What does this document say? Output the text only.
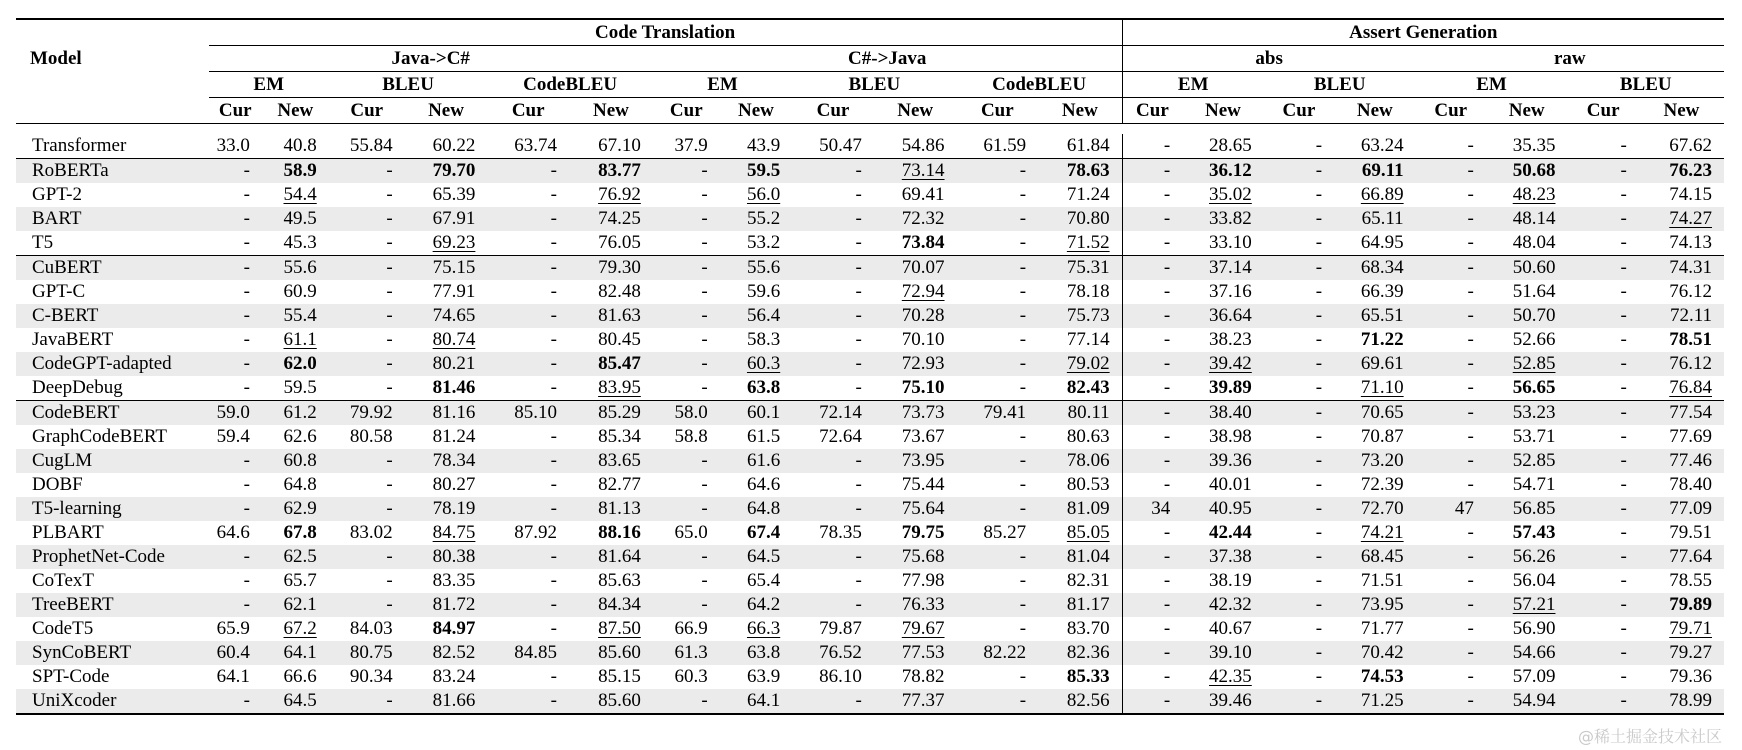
Model	Code Translation												Assert Generation							
	Java->C#						C#->Java						abs				raw			
	EM		BLEU		CodeBLEU		EM		BLEU		CodeBLEU		EM		BLEU		EM		BLEU	
	Cur	New	Cur	New	Cur	New	Cur	New	Cur	New	Cur	New	Cur	New	Cur	New	Cur	New	Cur	New

Transformer	33.0	40.8	55.84	60.22	63.74	67.10	37.9	43.9	50.47	54.86	61.59	61.84	-	28.65	-	63.24	-	35.35	-	67.62
RoBERTa	-	58.9	-	79.70	-	83.77	-	59.5	-	73.14	-	78.63	-	36.12	-	69.11	-	50.68	-	76.23
GPT-2	-	54.4	-	65.39	-	76.92	-	56.0	-	69.41	-	71.24	-	35.02	-	66.89	-	48.23	-	74.15
BART	-	49.5	-	67.91	-	74.25	-	55.2	-	72.32	-	70.80	-	33.82	-	65.11	-	48.14	-	74.27
T5	-	45.3	-	69.23	-	76.05	-	53.2	-	73.84	-	71.52	-	33.10	-	64.95	-	48.04	-	74.13
CuBERT	-	55.6	-	75.15	-	79.30	-	55.6	-	70.07	-	75.31	-	37.14	-	68.34	-	50.60	-	74.31
GPT-C	-	60.9	-	77.91	-	82.48	-	59.6	-	72.94	-	78.18	-	37.16	-	66.39	-	51.64	-	76.12
C-BERT	-	55.4	-	74.65	-	81.63	-	56.4	-	70.28	-	75.73	-	36.64	-	65.51	-	50.70	-	72.11
JavaBERT	-	61.1	-	80.74	-	80.45	-	58.3	-	70.10	-	77.14	-	38.23	-	71.22	-	52.66	-	78.51
CodeGPT-adapted	-	62.0	-	80.21	-	85.47	-	60.3	-	72.93	-	79.02	-	39.42	-	69.61	-	52.85	-	76.12
DeepDebug	-	59.5	-	81.46	-	83.95	-	63.8	-	75.10	-	82.43	-	39.89	-	71.10	-	56.65	-	76.84
CodeBERT	59.0	61.2	79.92	81.16	85.10	85.29	58.0	60.1	72.14	73.73	79.41	80.11	-	38.40	-	70.65	-	53.23	-	77.54
GraphCodeBERT	59.4	62.6	80.58	81.24	-	85.34	58.8	61.5	72.64	73.67	-	80.63	-	38.98	-	70.87	-	53.71	-	77.69
CugLM	-	60.8	-	78.34	-	83.65	-	61.6	-	73.95	-	78.06	-	39.36	-	73.20	-	52.85	-	77.46
DOBF	-	64.8	-	80.27	-	82.77	-	64.6	-	75.44	-	80.53	-	40.01	-	72.39	-	54.71	-	78.40
T5-learning	-	62.9	-	78.19	-	81.13	-	64.8	-	75.64	-	81.09	34	40.95	-	72.70	47	56.85	-	77.09
PLBART	64.6	67.8	83.02	84.75	87.92	88.16	65.0	67.4	78.35	79.75	85.27	85.05	-	42.44	-	74.21	-	57.43	-	79.51
ProphetNet-Code	-	62.5	-	80.38	-	81.64	-	64.5	-	75.68	-	81.04	-	37.38	-	68.45	-	56.26	-	77.64
CoTexT	-	65.7	-	83.35	-	85.63	-	65.4	-	77.98	-	82.31	-	38.19	-	71.51	-	56.04	-	78.55
TreeBERT	-	62.1	-	81.72	-	84.34	-	64.2	-	76.33	-	81.17	-	42.32	-	73.95	-	57.21	-	79.89
CodeT5	65.9	67.2	84.03	84.97	-	87.50	66.9	66.3	79.87	79.67	-	83.70	-	40.67	-	71.77	-	56.90	-	79.71
SynCoBERT	60.4	64.1	80.75	82.52	84.85	85.60	61.3	63.8	76.52	77.53	82.22	82.36	-	39.10	-	70.42	-	54.66	-	79.27
SPT-Code	64.1	66.6	90.34	83.24	-	85.15	60.3	63.9	86.10	78.82	-	85.33	-	42.35	-	74.53	-	57.09	-	79.36
UniXcoder	-	64.5	-	81.66	-	85.60	-	64.1	-	77.37	-	82.56	-	39.46	-	71.25	-	54.94	-	78.99
@稀土掘金技术社区
